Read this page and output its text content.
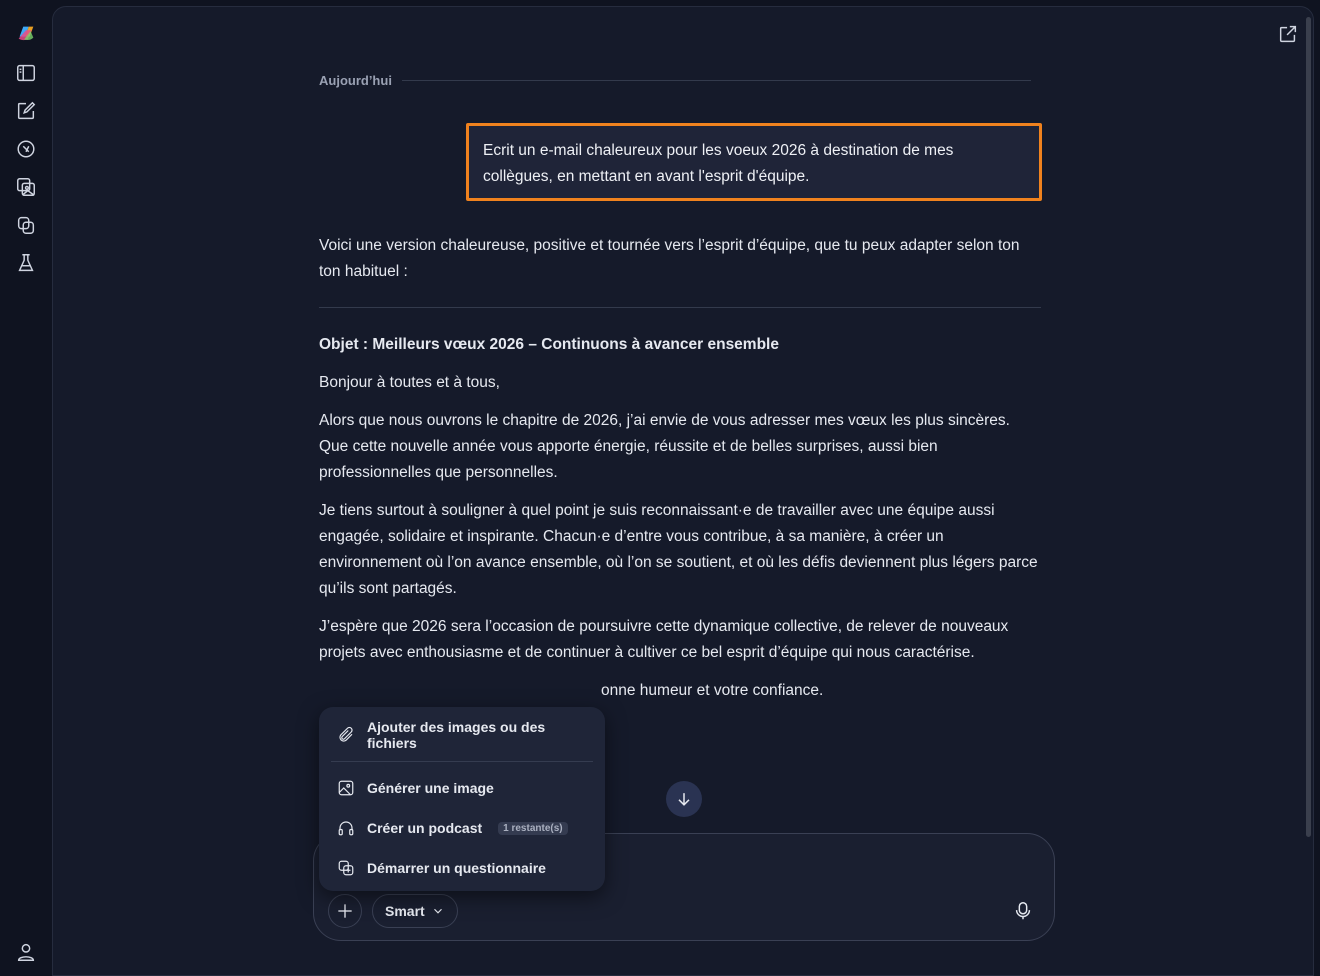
Aujourd’hui
Ecrit un e-mail chaleureux pour les voeux 2026 à destination de mes collègues, en mettant en avant l'esprit d'équipe.

Voici une version chaleureuse, positive et tournée vers l’esprit d’équipe, que tu peux adapter selon ton ton habituel :

Objet : Meilleurs vœux 2026 – Continuons à avancer ensemble

Bonjour à toutes et à tous,

Alors que nous ouvrons le chapitre de 2026, j’ai envie de vous adresser mes vœux les plus sincères. Que cette nouvelle année vous apporte énergie, réussite et de belles surprises, aussi bien professionnelles que personnelles.

Je tiens surtout à souligner à quel point je suis reconnaissant·e de travailler avec une équipe aussi engagée, solidaire et inspirante. Chacun·e d’entre vous contribue, à sa manière, à créer un environnement où l’on avance ensemble, où l’on se soutient, et où les défis deviennent plus légers parce qu’ils sont partagés.

J’espère que 2026 sera l’occasion de poursuivre cette dynamique collective, de relever de nouveaux projets avec enthousiasme et de continuer à cultiver ce bel esprit d’équipe qui nous caractérise.

onne humeur et votre confiance.

Smart
Ajouter des images ou des fichiers
Générer une image
Créer un podcast	1 restante(s)
Démarrer un questionnaire
